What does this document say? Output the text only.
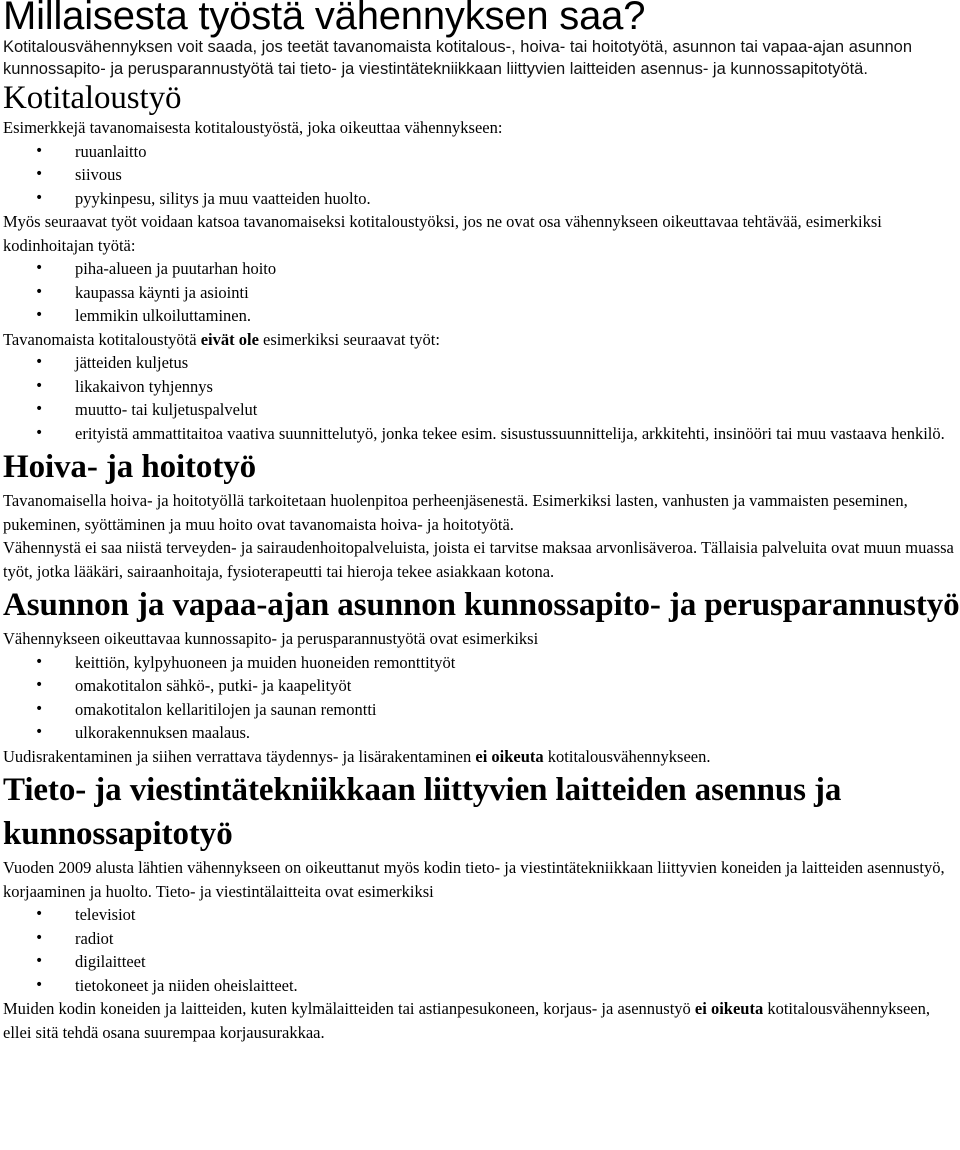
Millaisesta työstä vähennyksen saa?

Kotitalousvähennyksen voit saada, jos teetät tavanomaista kotitalous-, hoiva- tai hoitotyötä, asunnon tai vapaa-ajan asunnon kunnossapito- ja perusparannustyötä tai tieto- ja viestintätekniikkaan liittyvien laitteiden asennus- ja kunnossapitotyötä.

Kotitaloustyö

Esimerkkejä tavanomaisesta kotitaloustyöstä, joka oikeuttaa vähennykseen:

• ruuanlaitto
• siivous
• pyykinpesu, silitys ja muu vaatteiden huolto.

Myös seuraavat työt voidaan katsoa tavanomaiseksi kotitaloustyöksi, jos ne ovat osa vähennykseen oikeuttavaa tehtävää, esimerkiksi kodinhoitajan työtä:

• piha-alueen ja puutarhan hoito
• kaupassa käynti ja asiointi
• lemmikin ulkoiluttaminen.

Tavanomaista kotitaloustyötä eivät ole esimerkiksi seuraavat työt:

• jätteiden kuljetus
• likakaivon tyhjennys
• muutto- tai kuljetuspalvelut
• erityistä ammattitaitoa vaativa suunnittelutyö, jonka tekee esim. sisustussuunnittelija, arkkitehti, insinööri tai muu vastaava henkilö.
Hoiva- ja hoitotyö

Tavanomaisella hoiva- ja hoitotyöllä tarkoitetaan huolenpitoa perheenjäsenestä. Esimerkiksi lasten, vanhusten ja vammaisten peseminen, pukeminen, syöttäminen ja muu hoito ovat tavanomaista hoiva- ja hoitotyötä.

Vähennystä ei saa niistä terveyden- ja sairaudenhoitopalveluista, joista ei tarvitse maksaa arvonlisäveroa. Tällaisia palveluita ovat muun muassa työt, jotka lääkäri, sairaanhoitaja, fysioterapeutti tai hieroja tekee asiakkaan kotona.

Asunnon ja vapaa-ajan asunnon kunnossapito- ja perusparannustyö

Vähennykseen oikeuttavaa kunnossapito- ja perusparannustyötä ovat esimerkiksi

• keittiön, kylpyhuoneen ja muiden huoneiden remonttityöt
• omakotitalon sähkö-, putki- ja kaapelityöt
• omakotitalon kellaritilojen ja saunan remontti
• ulkorakennuksen maalaus.

Uudisrakentaminen ja siihen verrattava täydennys- ja lisärakentaminen ei oikeuta kotitalousvähennykseen.

Tieto- ja viestintätekniikkaan liittyvien laitteiden asennus ja kunnossapitotyö

Vuoden 2009 alusta lähtien vähennykseen on oikeuttanut myös kodin tieto- ja viestintätekniikkaan liittyvien koneiden ja laitteiden asennustyö, korjaaminen ja huolto. Tieto- ja viestintälaitteita ovat esimerkiksi

• televisiot
• radiot
• digilaitteet
• tietokoneet ja niiden oheislaitteet.

Muiden kodin koneiden ja laitteiden, kuten kylmälaitteiden tai astianpesukoneen, korjaus- ja asennustyö ei oikeuta kotitalousvähennykseen, ellei sitä tehdä osana suurempaa korjausurakkaa.
